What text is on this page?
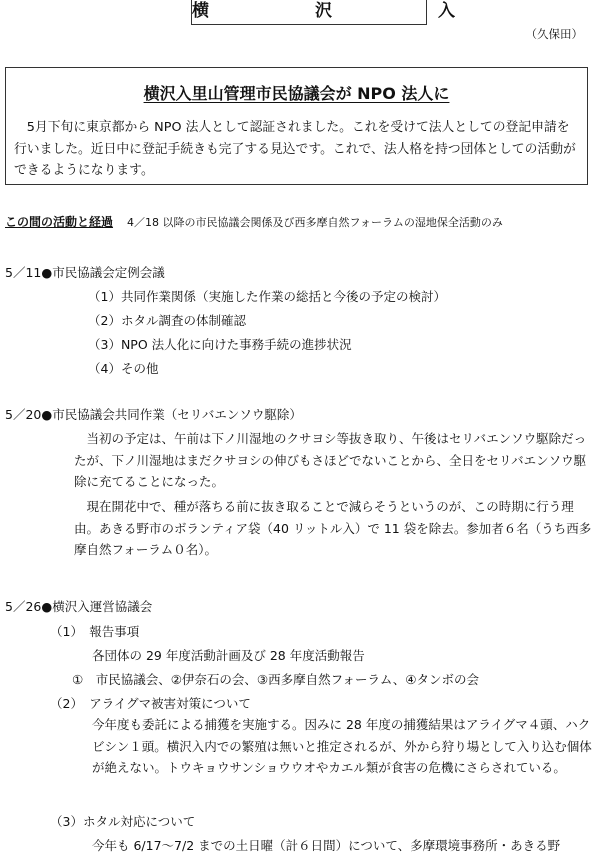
横　　沢　　入
（久保田）
横沢入里山管理市民協議会が NPO 法人に
　5月下旬に東京都から NPO 法人として認証されました。これを受けて法人としての登記申請を行いました。近日中に登記手続きも完了する見込です。これで、法人格を持つ団体としての活動ができるようになります。
この間の活動と経過 4／18 以降の市民協議会関係及び西多摩自然フォーラムの湿地保全活動のみ
5／11●市民協議会定例会議
（1）共同作業関係（実施した作業の総括と今後の予定の検討）
（2）ホタル調査の体制確認
（3）NPO 法人化に向けた事務手続の進捗状況
（4）その他
5／20●市民協議会共同作業（セリバエンソウ駆除）
　当初の予定は、午前は下ノ川湿地のクサヨシ等抜き取り、午後はセリバエンソウ駆除だったが、下ノ川湿地はまだクサヨシの伸びもさほどでないことから、全日をセリバエンソウ駆除に充てることになった。
　現在開花中で、種が落ちる前に抜き取ることで減らそうというのが、この時期に行う理由。あきる野市のボランティア袋（40 リットル入）で 11 袋を除去。参加者６名（うち西多摩自然フォーラム０名）。
5／26●横沢入運営協議会
（1）　報告事項
各団体の 29 年度活動計画及び 28 年度活動報告
①　市民協議会、②伊奈石の会、③西多摩自然フォーラム、④タンボの会
（2）　アライグマ被害対策について
今年度も委託による捕獲を実施する。因みに 28 年度の捕獲結果はアライグマ４頭、ハクビシン１頭。横沢入内での繁殖は無いと推定されるが、外から狩り場として入り込む個体が絶えない。トウキョウサンショウウオやカエル類が食害の危機にさらされている。
（3）ホタル対応について
今年も 6/17〜7/2 までの土日曜（計６日間）について、多摩環境事務所・あきる野
